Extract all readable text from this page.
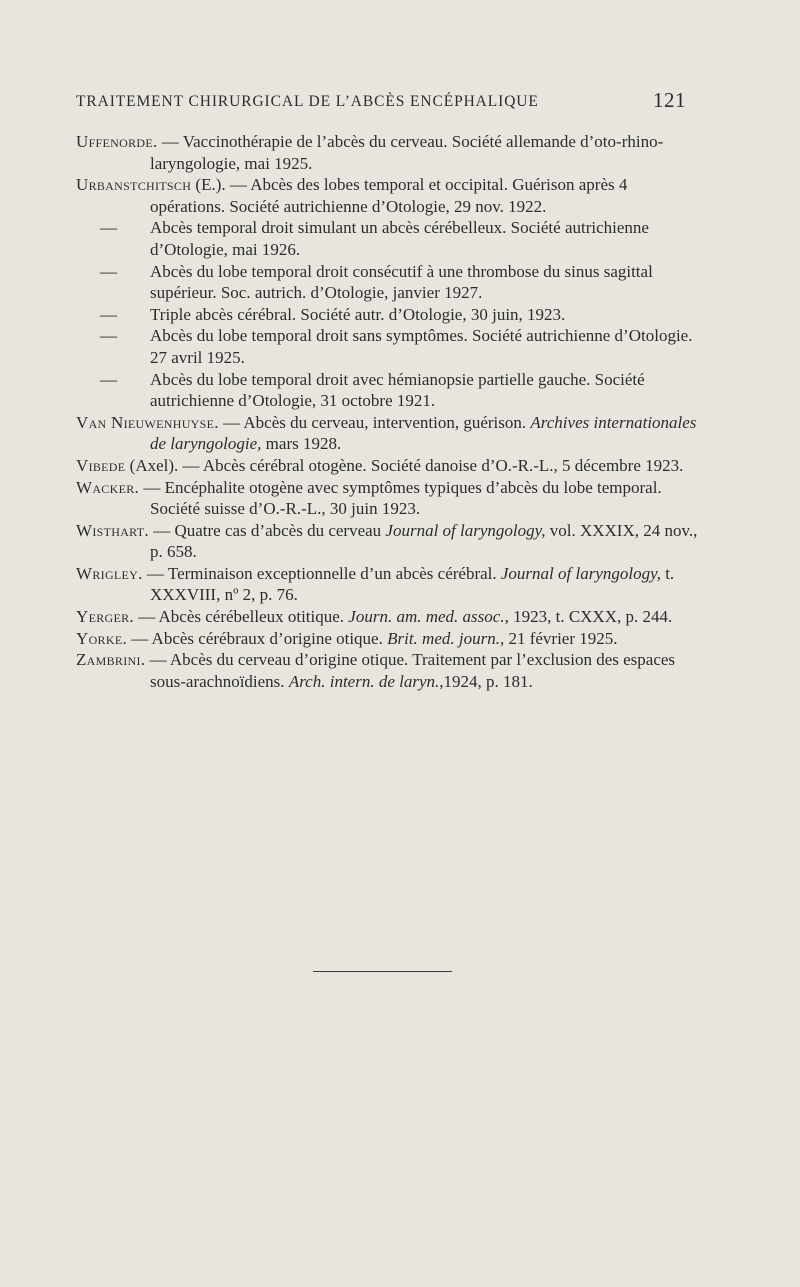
TRAITEMENT CHIRURGICAL DE L’ABCÈS ENCÉPHALIQUE	121

Uffenorde. — Vaccinothérapie de l’abcès du cerveau. Société allemande d’oto-rhino-laryngologie, mai 1925.

Urbanstchitsch (E.). — Abcès des lobes temporal et occipital. Guérison après 4 opérations. Société autrichienne d’Otologie, 29 nov. 1922.

— Abcès temporal droit simulant un abcès cérébelleux. Société autrichienne d’Otologie, mai 1926.

— Abcès du lobe temporal droit consécutif à une thrombose du sinus sagittal supérieur. Soc. autrich. d’Otologie, janvier 1927.

— Triple abcès cérébral. Société autr. d’Otologie, 30 juin, 1923.

— Abcès du lobe temporal droit sans symptômes. Société autrichienne d’Otologie. 27 avril 1925.

— Abcès du lobe temporal droit avec hémianopsie partielle gauche. Société autrichienne d’Otologie, 31 octobre 1921.

Van Nieuwenhuyse. — Abcès du cerveau, intervention, guérison. Archives internationales de laryngologie, mars 1928.

Vibede (Axel). — Abcès cérébral otogène. Société danoise d’O.-R.-L., 5 décembre 1923.

Wacker. — Encéphalite otogène avec symptômes typiques d’abcès du lobe temporal. Société suisse d’O.-R.-L., 30 juin 1923.

Wisthart. — Quatre cas d’abcès du cerveau Journal of laryngology, vol. XXXIX, 24 nov., p. 658.

Wrigley. — Terminaison exceptionnelle d’un abcès cérébral. Journal of laryngology, t. XXXVIII, nº 2, p. 76.

Yerger. — Abcès cérébelleux otitique. Journ. am. med. assoc., 1923, t. CXXX, p. 244.

Yorke. — Abcès cérébraux d’origine otique. Brit. med. journ., 21 février 1925.

Zambrini. — Abcès du cerveau d’origine otique. Traitement par l’exclusion des espaces sous-arachnoïdiens. Arch. intern. de laryn.,1924, p. 181.
